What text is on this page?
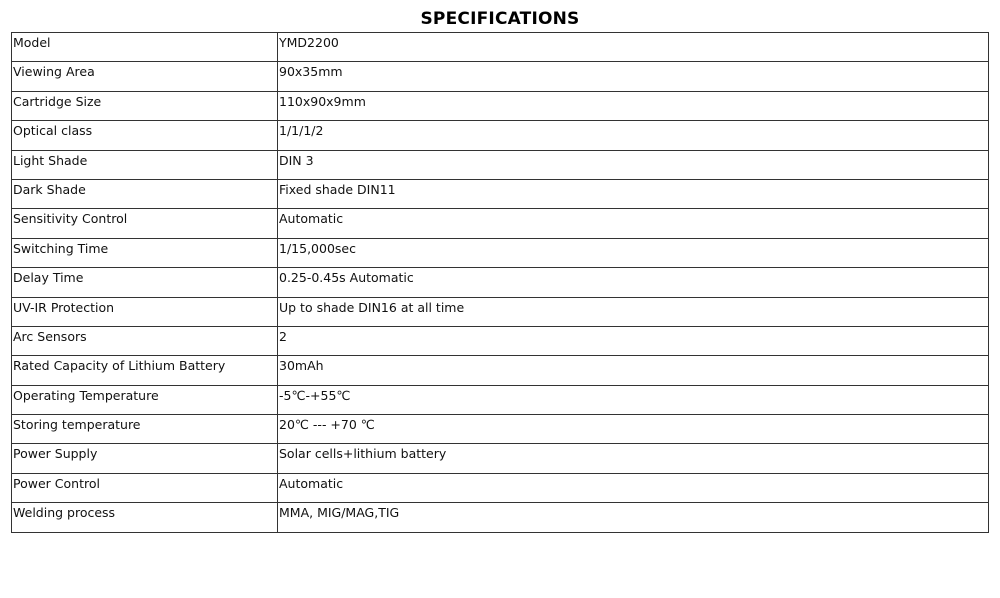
SPECIFICATIONS
Model	YMD2200
Viewing Area	90x35mm
Cartridge Size	110x90x9mm
Optical class	1/1/1/2
Light Shade	DIN 3
Dark Shade	Fixed shade DIN11
Sensitivity Control	Automatic
Switching Time	1/15,000sec
Delay Time	0.25-0.45s Automatic
UV-IR Protection	Up to shade DIN16 at all time
Arc Sensors	2
Rated Capacity of Lithium Battery	30mAh
Operating Temperature	-5℃-+55℃
Storing temperature	20℃ --- +70 ℃
Power Supply	Solar cells+lithium battery
Power Control	Automatic
Welding process	MMA, MIG/MAG,TIG
